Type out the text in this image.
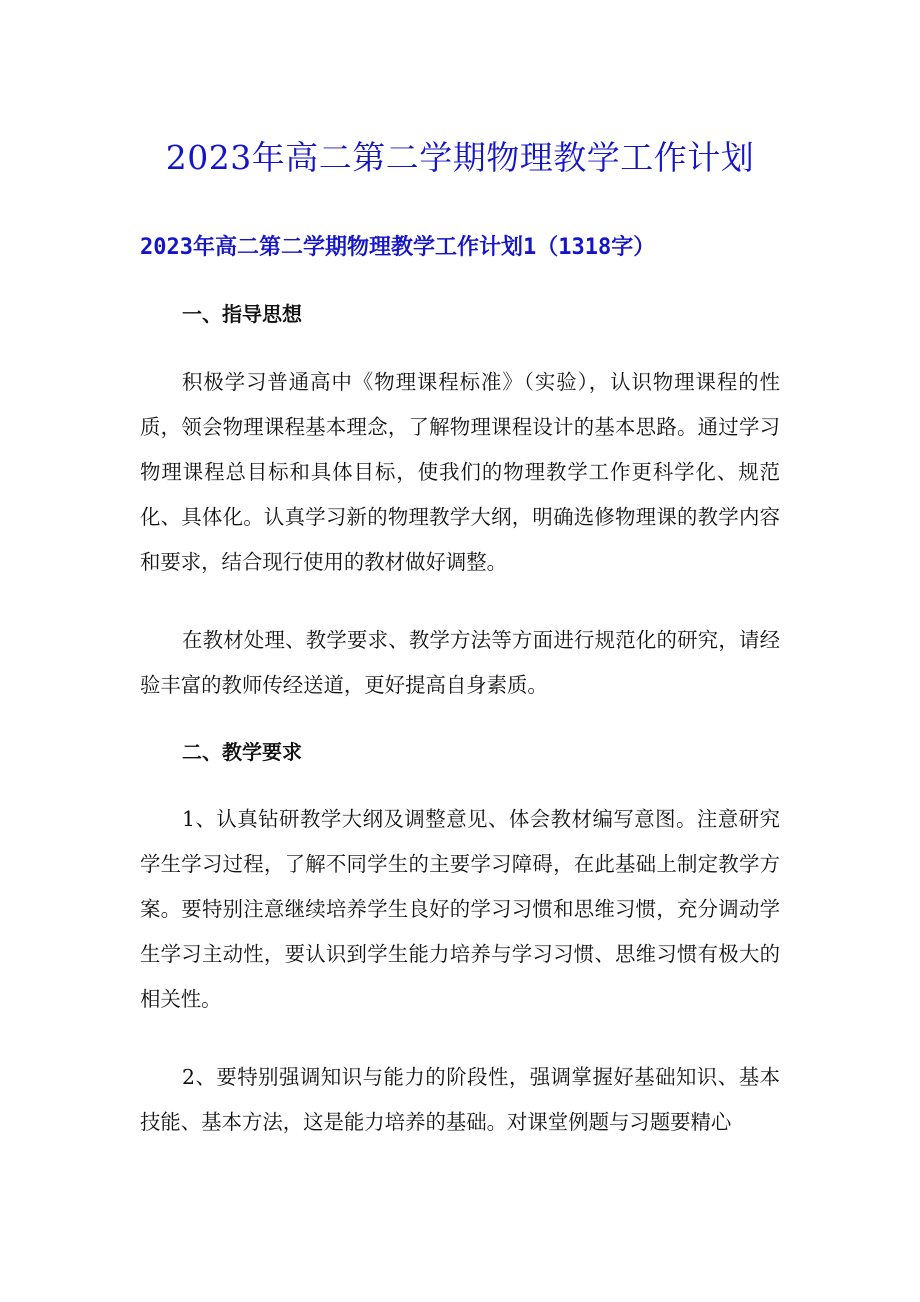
2023年高二第二学期物理教学工作计划
2023年高二第二学期物理教学工作计划1（1318字）
一、指导思想

积极学习普通高中《物理课程标准》（实验），认识物理课程的性质，领会物理课程基本理念，了解物理课程设计的基本思路。通过学习物理课程总目标和具体目标，使我们的物理教学工作更科学化、规范化、具体化。认真学习新的物理教学大纲，明确选修物理课的教学内容和要求，结合现行使用的教材做好调整。

在教材处理、教学要求、教学方法等方面进行规范化的研究，请经验丰富的教师传经送道，更好提高自身素质。

二、教学要求

1、认真钻研教学大纲及调整意见、体会教材编写意图。注意研究学生学习过程，了解不同学生的主要学习障碍，在此基础上制定教学方案。要特别注意继续培养学生良好的学习习惯和思维习惯，充分调动学生学习主动性，要认识到学生能力培养与学习习惯、思维习惯有极大的相关性。

2、要特别强调知识与能力的阶段性，强调掌握好基础知识、基本技能、基本方法，这是能力培养的基础。对课堂例题与习题要精心
